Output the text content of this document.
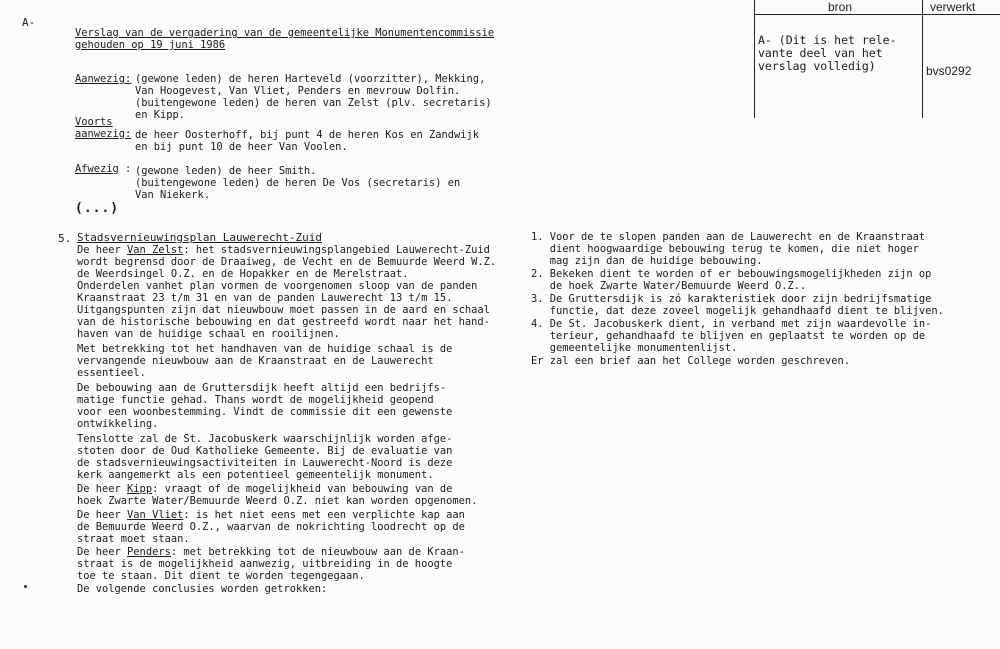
A-
Verslag van de vergadering van de gemeentelijke Monumentencommissie
gehouden op 19 juni 1986
Aanwezig: (gewone leden) de heren Harteveld (voorzitter), Mekking,
Van Hoogevest, Van Vliet, Penders en mevrouw Dolfin.
(buitengewone leden) de heren van Zelst (plv. secretaris)
en Kipp.
Voorts
aanwezig: de heer Oosterhoff, bij punt 4 de heren Kos en Zandwijk
en bij punt 10 de heer Van Voolen.
Afwezig : (gewone leden) de heer Smith.
(buitengewone leden) de heren De Vos (secretaris) en
Van Niekerk.
(...)
bron	verwerkt
A- (Dit is het rele-
vante deel van het
verslag volledig)	bvs0292
5. Stadsvernieuwingsplan Lauwerecht-Zuid
De heer Van Zelst: het stadsvernieuwingsplangebied Lauwerecht-Zuid
wordt begrensd door de Draaiweg, de Vecht en de Bemuurde Weerd W.Z.
de Weerdsingel O.Z. en de Hopakker en de Merelstraat.
Onderdelen vanhet plan vormen de voorgenomen sloop van de panden
Kraanstraat 23 t/m 31 en van de panden Lauwerecht 13 t/m 15.
Uitgangspunten zijn dat nieuwbouw moet passen in de aard en schaal
van de historische bebouwing en dat gestreefd wordt naar het hand-
haven van de huidige schaal en rooilijnen.
Met betrekking tot het handhaven van de huidige schaal is de
vervangende nieuwbouw aan de Kraanstraat en de Lauwerecht
essentieel.
De bebouwing aan de Gruttersdijk heeft altijd een bedrijfs-
matige functie gehad. Thans wordt de mogelijkheid geopend
voor een woonbestemming. Vindt de commissie dit een gewenste
ontwikkeling.
Tenslotte zal de St. Jacobuskerk waarschijnlijk worden afge-
stoten door de Oud Katholieke Gemeente. Bij de evaluatie van
de stadsvernieuwingsactiviteiten in Lauwerecht-Noord is deze
kerk aangemerkt als een potentieel gemeentelijk monument.
De heer Kipp: vraagt of de mogelijkheid van bebouwing van de
hoek Zwarte Water/Bemuurde Weerd O.Z. niet kan worden opgenomen.
De heer Van Vliet: is het niet eens met een verplichte kap aan
de Bemuurde Weerd O.Z., waarvan de nokrichting loodrecht op de
straat moet staan.
De heer Penders: met betrekking tot de nieuwbouw aan de Kraan-
straat is de mogelijkheid aanwezig, uitbreiding in de hoogte
toe te staan. Dit dient te worden tegengegaan.
De volgende conclusies worden getrokken:
1. Voor de te slopen panden aan de Lauwerecht en de Kraanstraat
dient hoogwaardige bebouwing terug te komen, die niet hoger
mag zijn dan de huidige bebouwing.
2. Bekeken dient te worden of er bebouwingsmogelijkheden zijn op
de hoek Zwarte Water/Bemuurde Weerd O.Z..
3. De Gruttersdijk is zó karakteristiek door zijn bedrijfsmatige
functie, dat deze zoveel mogelijk gehandhaafd dient te blijven.
4. De St. Jacobuskerk dient, in verband met zijn waardevolle in-
terieur, gehandhaafd te blijven en geplaatst te worden op de
gemeentelijke monumentenlijst.
Er zal een brief aan het College worden geschreven.
